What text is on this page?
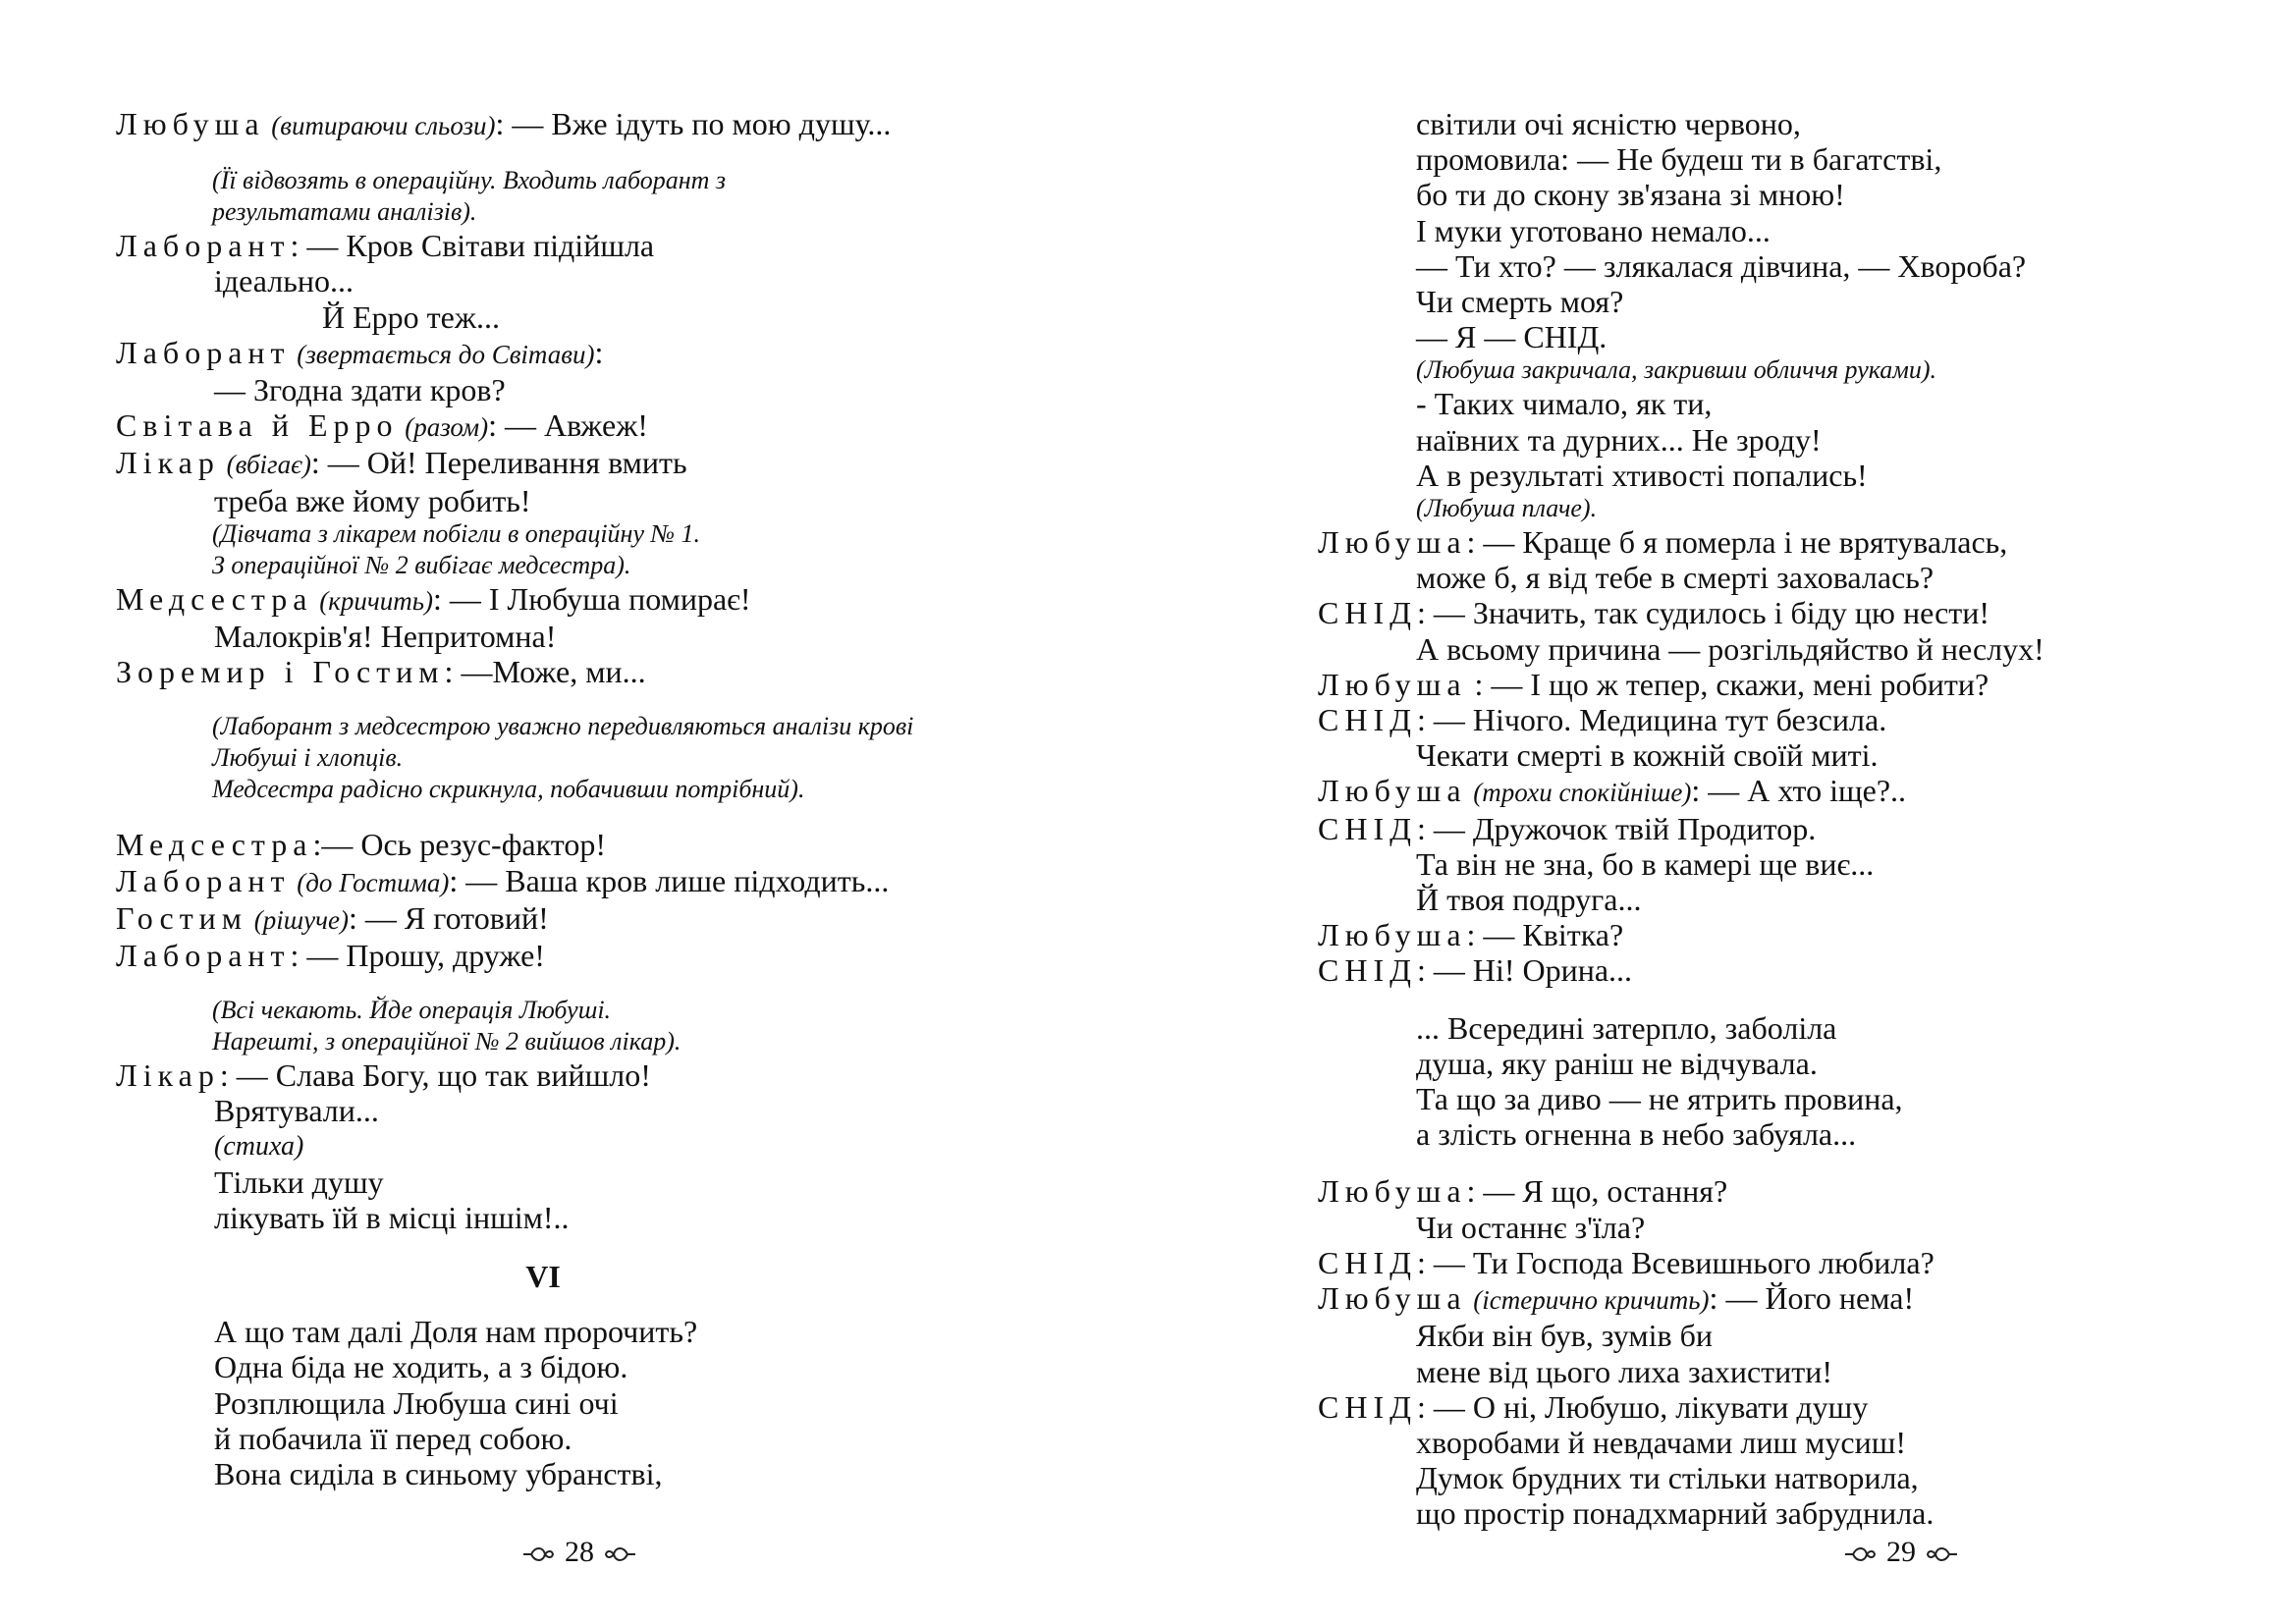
Любуша (витираючи сльози): — Вже ідуть по мою душу...
(Її відвозять в операційну. Входить лаборант з
результатами аналізів).
Лаборант: — Кров Світави підійшла
ідеально...
Й Ерро теж...
Лаборант (звертається до Світави):
— Згодна здати кров?
Світава й Ерро (разом): — Авжеж!
Лікар (вбігає): — Ой! Переливання вмить
треба вже йому робить!
(Дівчата з лікарем побігли в операційну № 1.
З операційної № 2 вибігає медсестра).
Медсестра (кричить): — І Любуша помирає!
Малокрів'я! Непритомна!
Зоремир і Гостим: —Може, ми...
(Лаборант з медсестрою уважно передивляються аналізи крові
Любуші і хлопців.
Медсестра радісно скрикнула, побачивши потрібний).
Медсестра:— Ось резус-фактор!
Лаборант (до Гостима): — Ваша кров лише підходить...
Гостим (рішуче): — Я готовий!
Лаборант: — Прошу, друже!
(Всі чекають. Йде операція Любуші.
Нарешті, з операційної № 2 вийшов лікар).
Лікар: — Слава Богу, що так вийшло!
Врятували...
(стиха)
Тільки душу
лікувать їй в місці іншім!..
VI
А що там далі Доля нам пророчить?
Одна біда не ходить, а з бідою.
Розплющила Любуша сині очі
й побачила її перед собою.
Вона сиділа в синьому убранстві,
28
світили очі ясністю червоно,
промовила: — Не будеш ти в багатстві,
бо ти до скону зв'язана зі мною!
І муки уготовано немало...
— Ти хто? — злякалася дівчина, — Хвороба?
Чи смерть моя?
— Я — СНІД.
(Любуша закричала, закривши обличчя руками).
- Таких чимало, як ти,
наївних та дурних... Не зроду!
А в результаті хтивості попались!
(Любуша плаче).
Любуша: — Краще б я померла і не врятувалась,
може б, я від тебе в смерті заховалась?
СНІД: — Значить, так судилось і біду цю нести!
А всьому причина — розгільдяйство й неслух!
Любуша : — І що ж тепер, скажи, мені робити?
СНІД: — Нічого. Медицина тут безсила.
Чекати смерті в кожній своїй миті.
Любуша (трохи спокійніше): — А хто іще?..
СНІД: — Дружочок твій Продитор.
Та він не зна, бо в камері ще виє...
Й твоя подруга...
Любуша: — Квітка?
СНІД: — Ні! Орина...
... Всередині затерпло, заболіла
душа, яку раніш не відчувала.
Та що за диво — не ятрить провина,
а злість огненна в небо забуяла...
Любуша: — Я що, остання?
Чи останнє з'їла?
СНІД: — Ти Господа Всевишнього любила?
Любуша (істерично кричить): — Його нема!
Якби він був, зумів би
мене від цього лиха захистити!
СНІД: — О ні, Любушо, лікувати душу
хворобами й невдачами лиш мусиш!
Думок брудних ти стільки натворила,
що простір понадхмарний забруднила.
29
